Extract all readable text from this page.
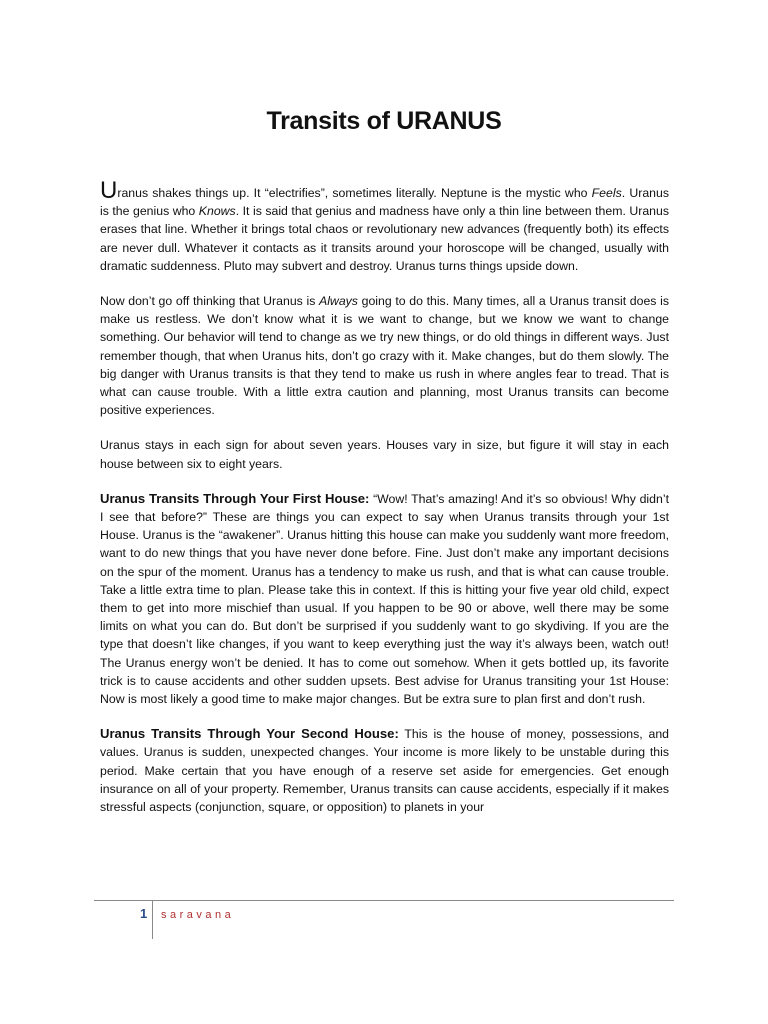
Transits of URANUS

Uranus shakes things up. It “electrifies”, sometimes literally. Neptune is the mystic who Feels. Uranus is the genius who Knows. It is said that genius and madness have only a thin line between them. Uranus erases that line. Whether it brings total chaos or revolutionary new advances (frequently both) its effects are never dull. Whatever it contacts as it transits around your horoscope will be changed, usually with dramatic suddenness. Pluto may subvert and destroy. Uranus turns things upside down.

Now don’t go off thinking that Uranus is Always going to do this. Many times, all a Uranus transit does is make us restless. We don’t know what it is we want to change, but we know we want to change something. Our behavior will tend to change as we try new things, or do old things in different ways. Just remember though, that when Uranus hits, don’t go crazy with it. Make changes, but do them slowly. The big danger with Uranus transits is that they tend to make us rush in where angles fear to tread. That is what can cause trouble. With a little extra caution and planning, most Uranus transits can become positive experiences.

Uranus stays in each sign for about seven years. Houses vary in size, but figure it will stay in each house between six to eight years.

Uranus Transits Through Your First House: “Wow! That’s amazing! And it’s so obvious! Why didn’t I see that before?” These are things you can expect to say when Uranus transits through your 1st House. Uranus is the “awakener”. Uranus hitting this house can make you suddenly want more freedom, want to do new things that you have never done before. Fine. Just don’t make any important decisions on the spur of the moment. Uranus has a tendency to make us rush, and that is what can cause trouble. Take a little extra time to plan. Please take this in context. If this is hitting your five year old child, expect them to get into more mischief than usual. If you happen to be 90 or above, well there may be some limits on what you can do. But don’t be surprised if you suddenly want to go skydiving. If you are the type that doesn’t like changes, if you want to keep everything just the way it’s always been, watch out! The Uranus energy won’t be denied. It has to come out somehow. When it gets bottled up, its favorite trick is to cause accidents and other sudden upsets. Best advise for Uranus transiting your 1st House: Now is most likely a good time to make major changes. But be extra sure to plan first and don’t rush.

Uranus Transits Through Your Second House: This is the house of money, possessions, and values. Uranus is sudden, unexpected changes. Your income is more likely to be unstable during this period. Make certain that you have enough of a reserve set aside for emergencies. Get enough insurance on all of your property. Remember, Uranus transits can cause accidents, especially if it makes stressful aspects (conjunction, square, or opposition) to planets in your

1 saravana
